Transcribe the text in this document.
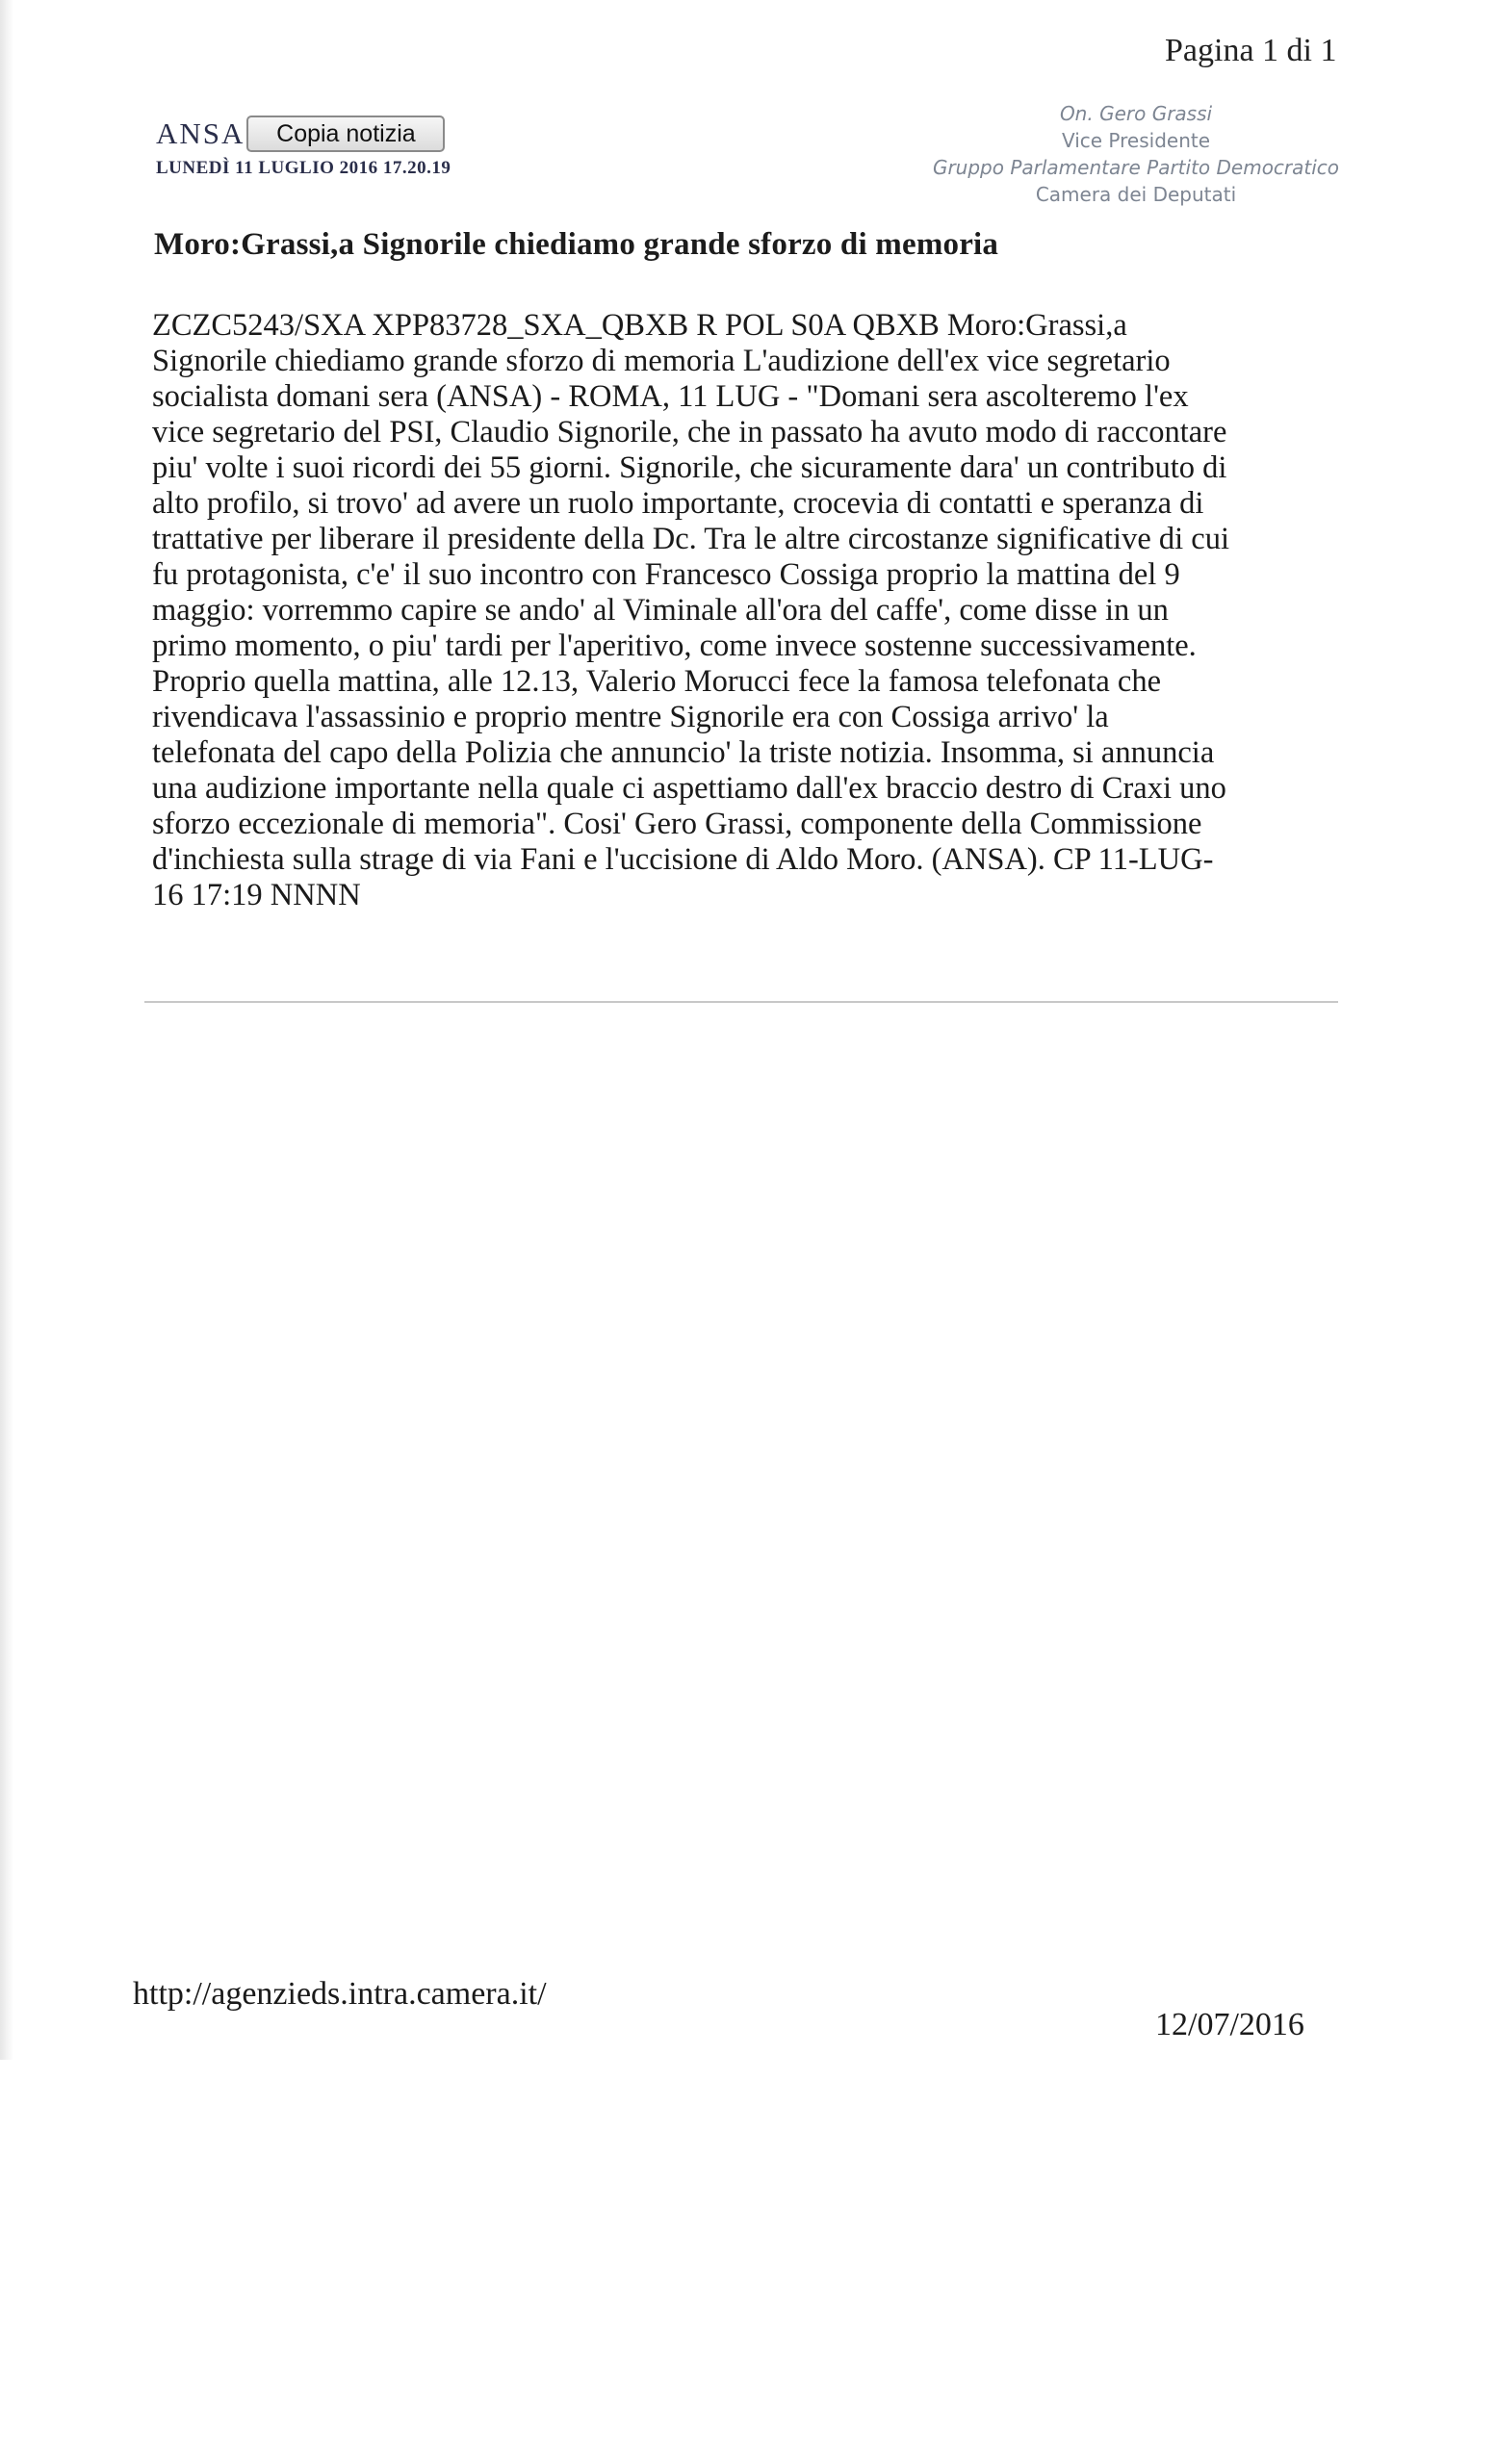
Pagina 1 di 1
ANSA	Copia notizia
LUNEDÌ 11 LUGLIO 2016 17.20.19
On. Gero Grassi
Vice Presidente
Gruppo Parlamentare Partito Democratico
Camera dei Deputati
Moro:Grassi,a Signorile chiediamo grande sforzo di memoria
ZCZC5243/SXA XPP83728_SXA_QBXB R POL S0A QBXB Moro:Grassi,a
Signorile chiediamo grande sforzo di memoria L'audizione dell'ex vice segretario
socialista domani sera (ANSA) - ROMA, 11 LUG - "Domani sera ascolteremo l'ex
vice segretario del PSI, Claudio Signorile, che in passato ha avuto modo di raccontare
piu' volte i suoi ricordi dei 55 giorni. Signorile, che sicuramente dara' un contributo di
alto profilo, si trovo' ad avere un ruolo importante, crocevia di contatti e speranza di
trattative per liberare il presidente della Dc. Tra le altre circostanze significative di cui
fu protagonista, c'e' il suo incontro con Francesco Cossiga proprio la mattina del 9
maggio: vorremmo capire se ando' al Viminale all'ora del caffe', come disse in un
primo momento, o piu' tardi per l'aperitivo, come invece sostenne successivamente.
Proprio quella mattina, alle 12.13, Valerio Morucci fece la famosa telefonata che
rivendicava l'assassinio e proprio mentre Signorile era con Cossiga arrivo' la
telefonata del capo della Polizia che annuncio' la triste notizia. Insomma, si annuncia
una audizione importante nella quale ci aspettiamo dall'ex braccio destro di Craxi uno
sforzo eccezionale di memoria". Cosi' Gero Grassi, componente della Commissione
d'inchiesta sulla strage di via Fani e l'uccisione di Aldo Moro. (ANSA). CP 11-LUG-
16 17:19 NNNN
http://agenzieds.intra.camera.it/
12/07/2016
